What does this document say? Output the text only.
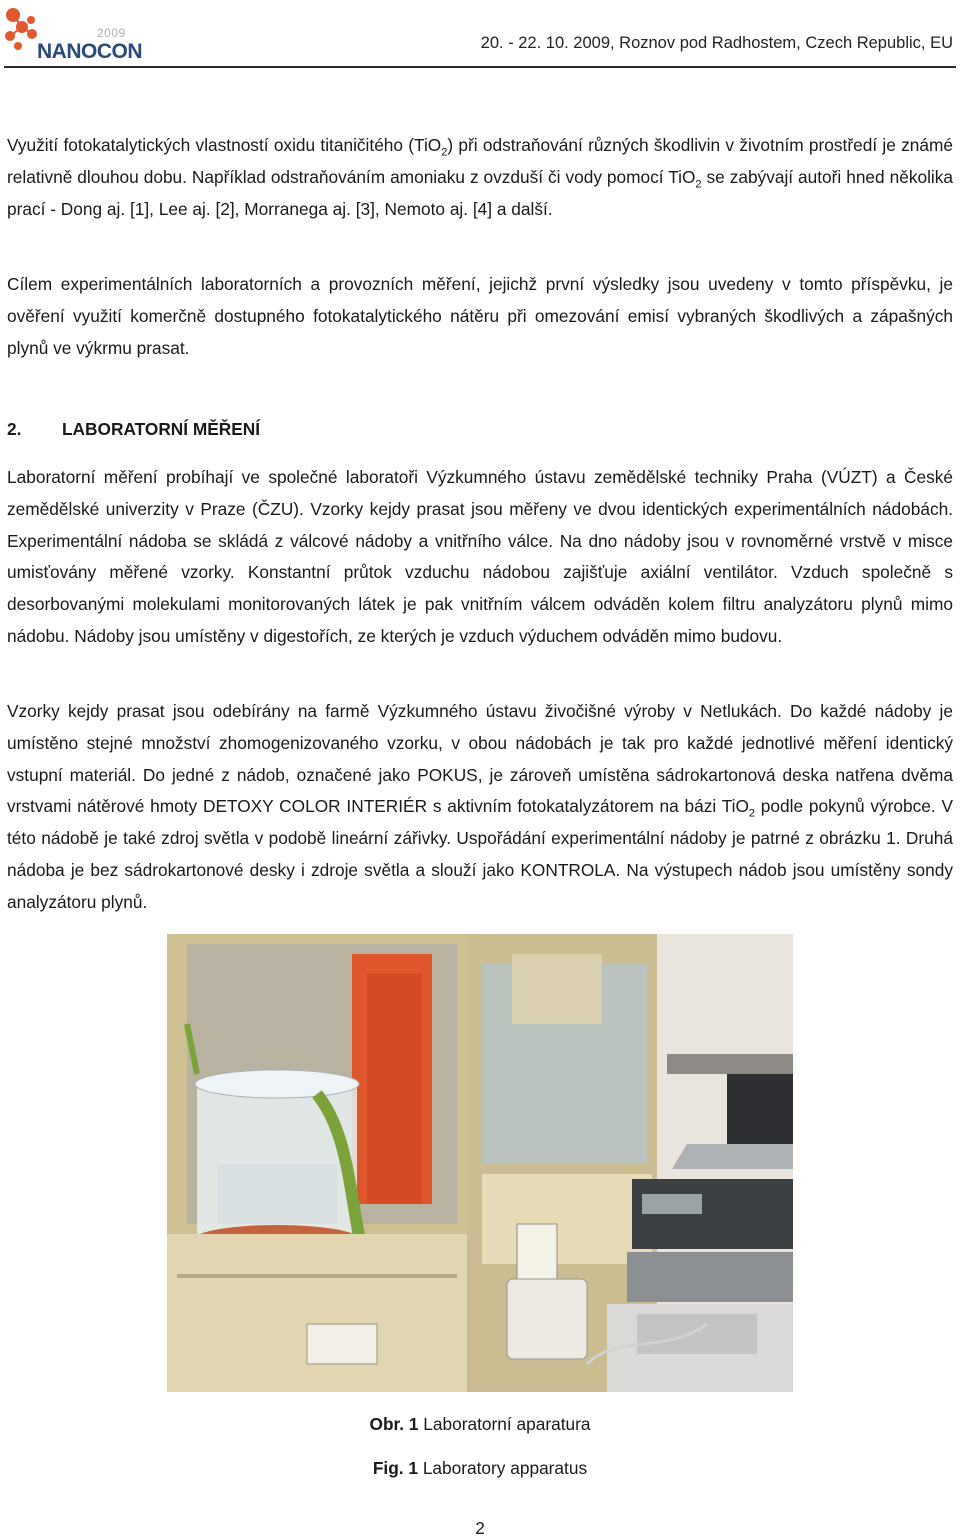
2009
NANOCON	20. - 22. 10. 2009, Roznov pod Radhostem, Czech Republic, EU

Využití fotokatalytických vlastností oxidu titaničitého (TiO$_2$) při odstraňování různých škodlivin v životním prostředí je známé relativně dlouhou dobu. Například odstraňováním amoniaku z ovzduší či vody pomocí TiO$_2$ se zabývají autoři hned několika prací - Dong aj. [1], Lee aj. [2], Morranega aj. [3], Nemoto aj. [4] a další.

Cílem experimentálních laboratorních a provozních měření, jejichž první výsledky jsou uvedeny v tomto příspěvku, je ověření využití komerčně dostupného fotokatalytického nátěru při omezování emisí vybraných škodlivých a zápašných plynů ve výkrmu prasat.

2. LABORATORNÍ MĚŘENÍ

Laboratorní měření probíhají ve společné laboratoři Výzkumného ústavu zemědělské techniky Praha (VÚZT) a České zemědělské univerzity v Praze (ČZU). Vzorky kejdy prasat jsou měřeny ve dvou identických experimentálních nádobách. Experimentální nádoba se skládá z válcové nádoby a vnitřního válce. Na dno nádoby jsou v rovnoměrné vrstvě v misce umisťovány měřené vzorky. Konstantní průtok vzduchu nádobou zajišťuje axiální ventilátor. Vzduch společně s desorbovanými molekulami monitorovaných látek je pak vnitřním válcem odváděn kolem filtru analyzátoru plynů mimo nádobu. Nádoby jsou umístěny v digestořích, ze kterých je vzduch výduchem odváděn mimo budovu.

Vzorky kejdy prasat jsou odebírány na farmě Výzkumného ústavu živočišné výroby v Netlukách. Do každé nádoby je umístěno stejné množství zhomogenizovaného vzorku, v obou nádobách je tak pro každé jednotlivé měření identický vstupní materiál. Do jedné z nádob, označené jako POKUS, je zároveň umístěna sádrokartonová deska natřena dvěma vrstvami nátěrové hmoty DETOXY COLOR INTERIÉR s aktivním fotokatalyzátorem na bázi TiO$_2$ podle pokynů výrobce. V této nádobě je také zdroj světla v podobě lineární zářivky. Uspořádání experimentální nádoby je patrné z obrázku 1. Druhá nádoba je bez sádrokartonové desky i zdroje světla a slouží jako KONTROLA. Na výstupech nádob jsou umístěny sondy analyzátoru plynů.

Obr. 1 Laboratorní aparatura

Fig. 1 Laboratory apparatus

2
